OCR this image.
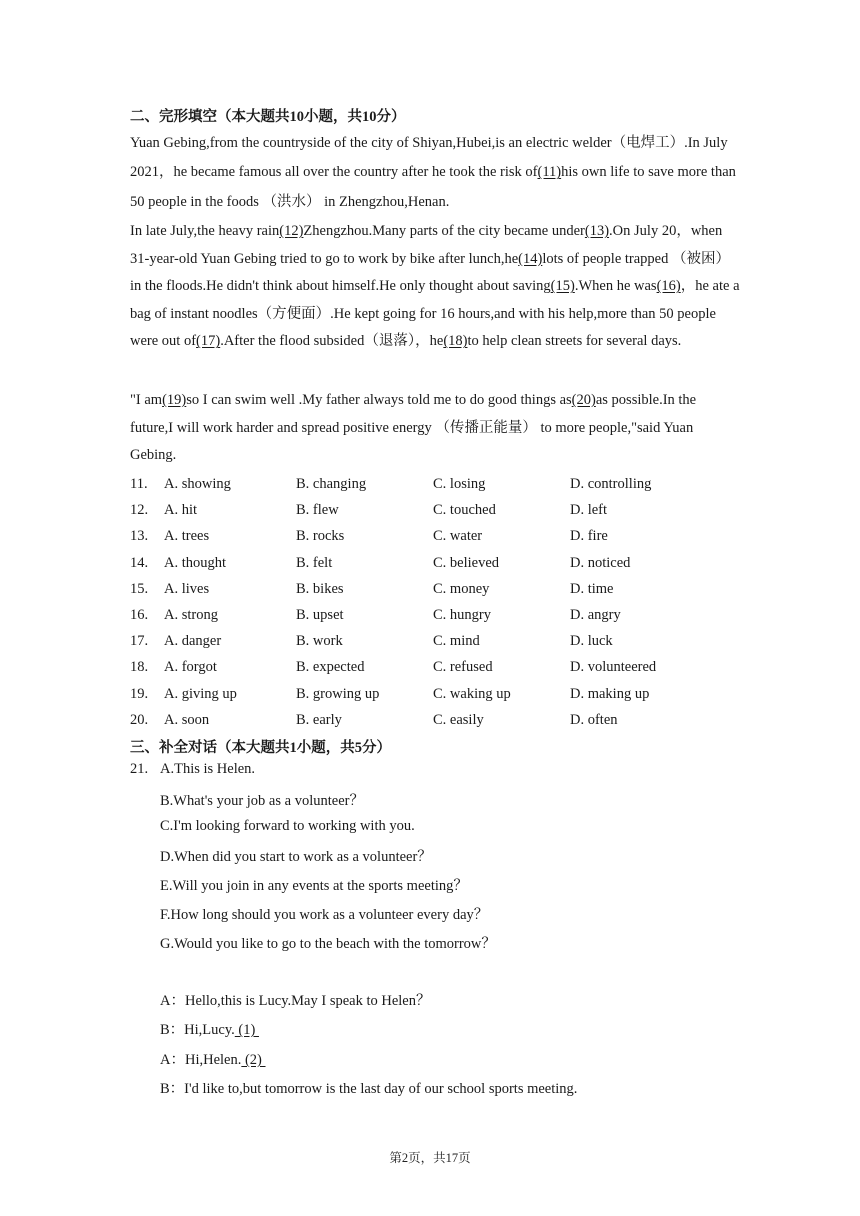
二、完形填空（本大题共10小题，共10分）

Yuan Gebing,from the countryside of the city of Shiyan,Hubei,is an electric welder（电焊工）.In July 2021，he became famous all over the country after he took the risk of(11)his own life to save more than 50 people in the foods （洪水） in Zhengzhou,Henan.

In late July,the heavy rain(12)Zhengzhou.Many parts of the city became under(13).On July 20，when 31-year-old Yuan Gebing tried to go to work by bike after lunch,he(14)lots of people trapped （被困） in the floods.He didn't think about himself.He only thought about saving(15).When he was(16)，he ate a bag of instant noodles（方便面）.He kept going for 16 hours,and with his help,more than 50 people were out of(17).After the flood subsided（退落），he(18)to help clean streets for several days.

"I am(19)so I can swim well .My father always told me to do good things as(20)as possible.In the future,I will work harder and spread positive energy （传播正能量） to more people,"said Yuan Gebing.

11. A. showing	B. changing	C. losing	D. controlling
12. A. hit	B. flew	C. touched	D. left
13. A. trees	B. rocks	C. water	D. fire
14. A. thought	B. felt	C. believed	D. noticed
15. A. lives	B. bikes	C. money	D. time
16. A. strong	B. upset	C. hungry	D. angry
17. A. danger	B. work	C. mind	D. luck
18. A. forgot	B. expected	C. refused	D. volunteered
19. A. giving up	B. growing up	C. waking up	D. making up
20. A. soon	B. early	C. easily	D. often
三、补全对话（本大题共1小题，共5分）
21. A.This is Helen.
B.What's your job as a volunteer？
C.I'm looking forward to working with you.
D.When did you start to work as a volunteer？
E.Will you join in any events at the sports meeting？
F.How long should you work as a volunteer every day？
G.Would you like to go to the beach with the tomorrow？
A：Hello,this is Lucy.May I speak to Helen？
B：Hi,Lucy. (1)
A：Hi,Helen. (2)
B：I'd like to,but tomorrow is the last day of our school sports meeting.
第2页，共17页
